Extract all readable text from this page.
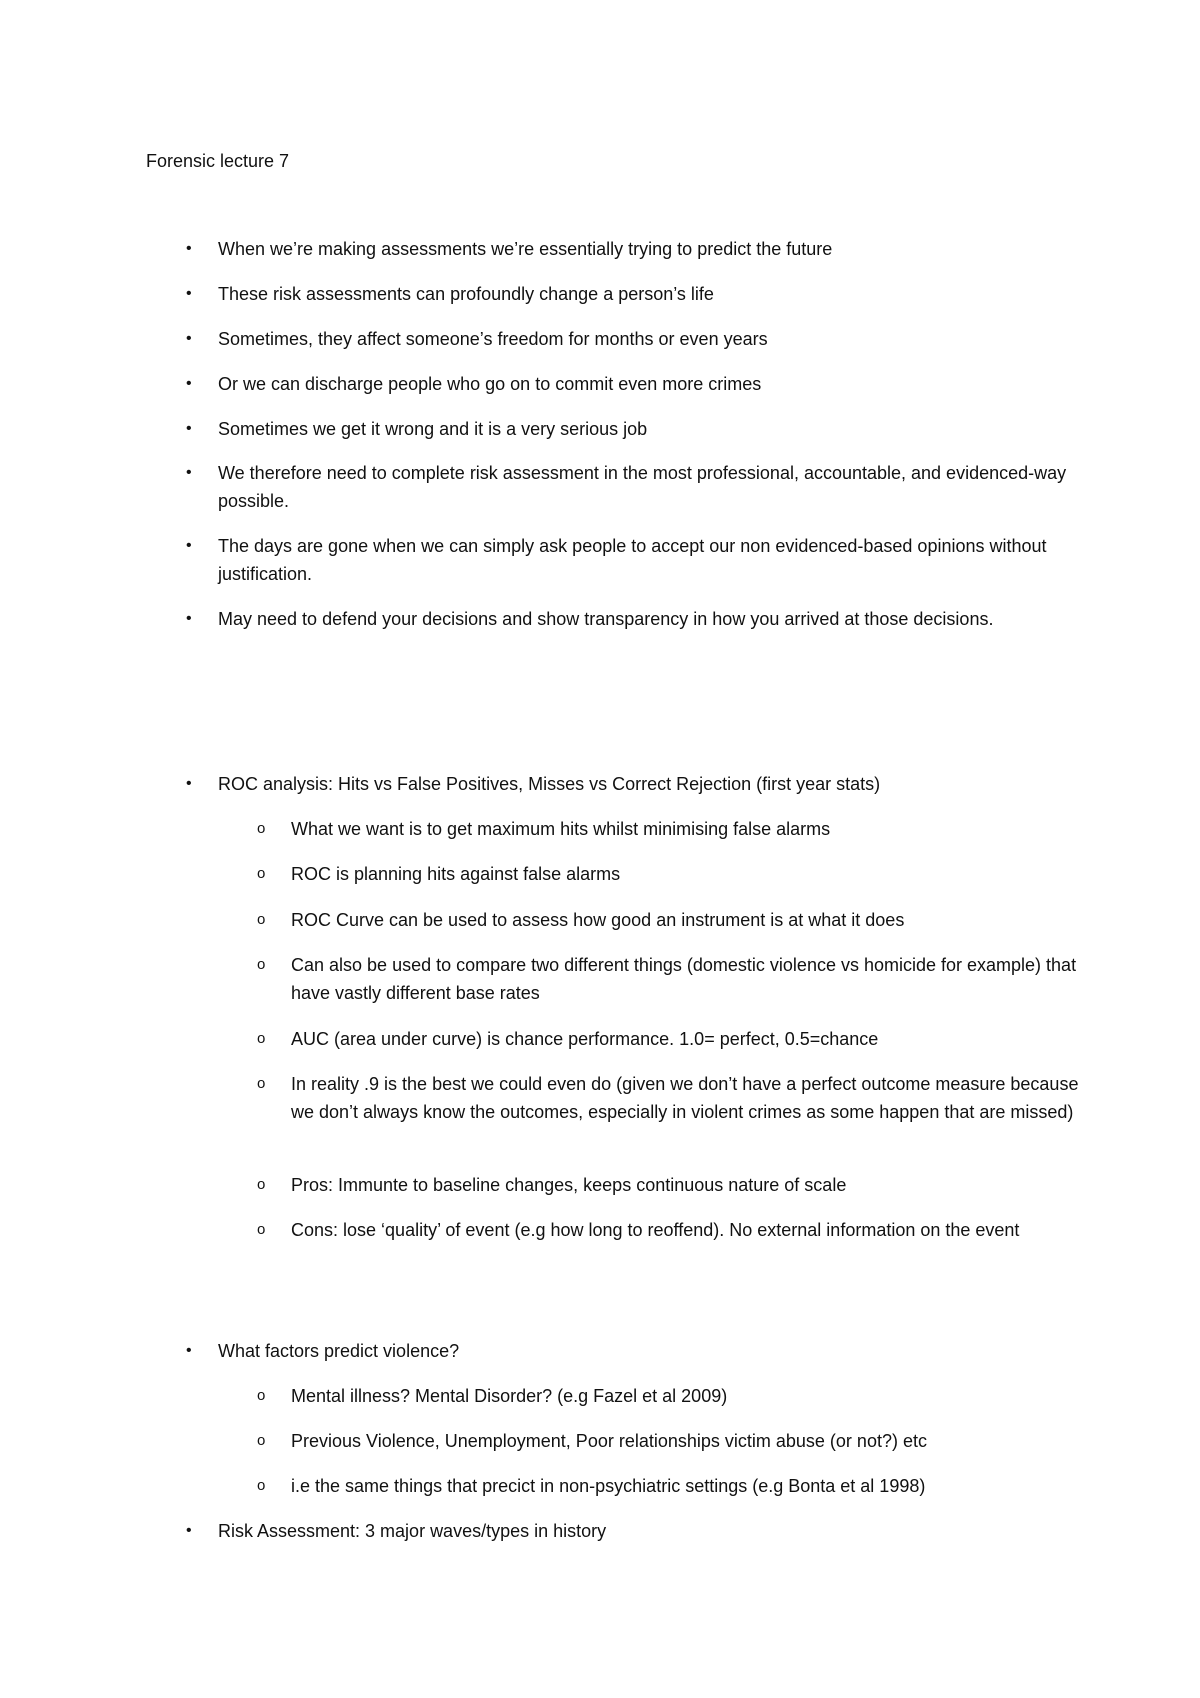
Forensic lecture 7
• When we’re making assessments we’re essentially trying to predict the future
• These risk assessments can profoundly change a person’s life
• Sometimes, they affect someone’s freedom for months or even years
• Or we can discharge people who go on to commit even more crimes
• Sometimes we get it wrong and it is a very serious job
• We therefore need to complete risk assessment in the most professional, accountable, and evidenced-way possible.
• The days are gone when we can simply ask people to accept our non evidenced-based opinions without justification.
• May need to defend your decisions and show transparency in how you arrived at those decisions.
• ROC analysis: Hits vs False Positives, Misses vs Correct Rejection (first year stats)
o What we want is to get maximum hits whilst minimising false alarms
o ROC is planning hits against false alarms
o ROC Curve can be used to assess how good an instrument is at what it does
o Can also be used to compare two different things (domestic violence vs homicide for example) that have vastly different base rates
o AUC (area under curve) is chance performance. 1.0= perfect, 0.5=chance
o In reality .9 is the best we could even do (given we don’t have a perfect outcome measure because we don’t always know the outcomes, especially in violent crimes as some happen that are missed)
o Pros: Immunte to baseline changes, keeps continuous nature of scale
o Cons: lose ‘quality’ of event (e.g how long to reoffend). No external information on the event
• What factors predict violence?
o Mental illness? Mental Disorder? (e.g Fazel et al 2009)
o Previous Violence, Unemployment, Poor relationships victim abuse (or not?) etc
o i.e the same things that precict in non-psychiatric settings (e.g Bonta et al 1998)
• Risk Assessment: 3 major waves/types in history
